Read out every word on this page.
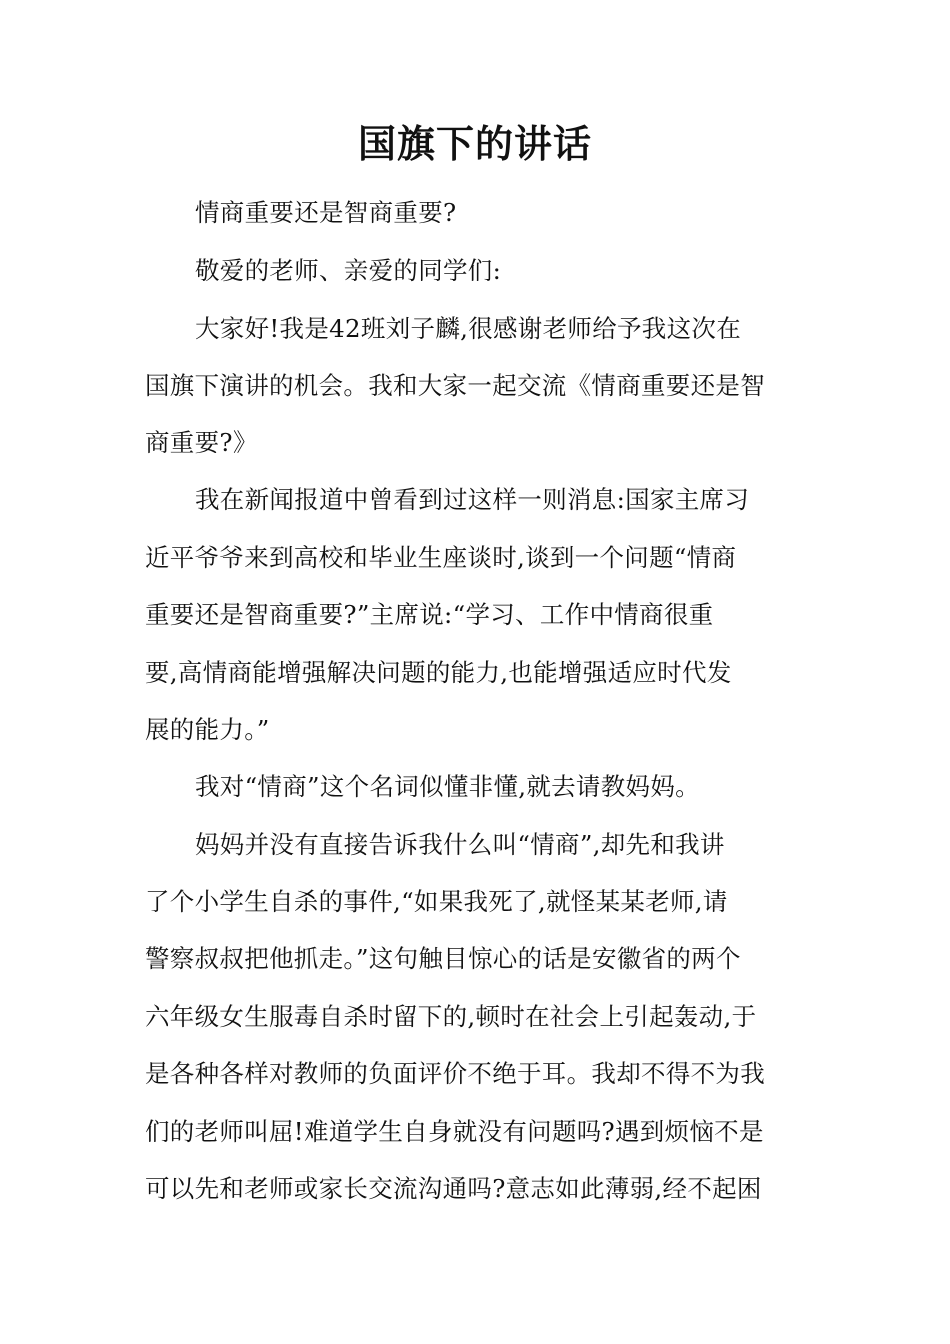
国旗下的讲话
情商重要还是智商重要?
敬爱的老师、亲爱的同学们:
大家好!我是42班刘子麟,很感谢老师给予我这次在
国旗下演讲的机会。我和大家一起交流《情商重要还是智
商重要?》
我在新闻报道中曾看到过这样一则消息:国家主席习
近平爷爷来到高校和毕业生座谈时,谈到一个问题“情商
重要还是智商重要?”主席说:“学习、工作中情商很重
要,高情商能增强解决问题的能力,也能增强适应时代发
展的能力。”
我对“情商”这个名词似懂非懂,就去请教妈妈。
妈妈并没有直接告诉我什么叫“情商”,却先和我讲
了个小学生自杀的事件,“如果我死了,就怪某某老师,请
警察叔叔把他抓走。”这句触目惊心的话是安徽省的两个
六年级女生服毒自杀时留下的,顿时在社会上引起轰动,于
是各种各样对教师的负面评价不绝于耳。我却不得不为我
们的老师叫屈!难道学生自身就没有问题吗?遇到烦恼不是
可以先和老师或家长交流沟通吗?意志如此薄弱,经不起困
